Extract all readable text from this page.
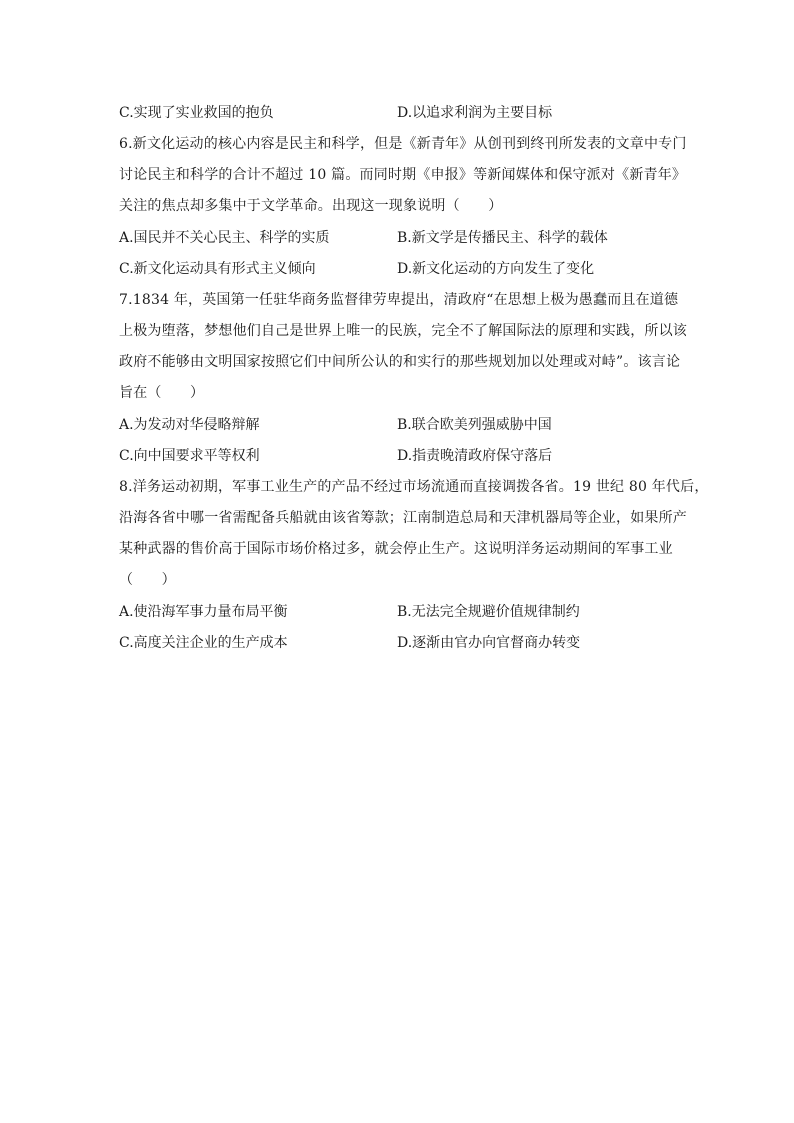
C.实现了实业救国的抱负	D.以追求利润为主要目标
6.新文化运动的核心内容是民主和科学，但是《新青年》从创刊到终刊所发表的文章中专门
讨论民主和科学的合计不超过 10 篇。而同时期《申报》等新闻媒体和保守派对《新青年》
关注的焦点却多集中于文学革命。出现这一现象说明（　　）
A.国民并不关心民主、科学的实质	B.新文学是传播民主、科学的载体
C.新文化运动具有形式主义倾向	D.新文化运动的方向发生了变化
7.1834 年，英国第一任驻华商务监督律劳卑提出，清政府“在思想上极为愚蠢而且在道德
上极为堕落，梦想他们自己是世界上唯一的民族，完全不了解国际法的原理和实践，所以该
政府不能够由文明国家按照它们中间所公认的和实行的那些规划加以处理或对峙”。该言论
旨在（　　）
A.为发动对华侵略辩解	B.联合欧美列强威胁中国
C.向中国要求平等权利	D.指责晚清政府保守落后
8.洋务运动初期，军事工业生产的产品不经过市场流通而直接调拨各省。19 世纪 80 年代后，
沿海各省中哪一省需配备兵船就由该省筹款；江南制造总局和天津机器局等企业，如果所产
某种武器的售价高于国际市场价格过多，就会停止生产。这说明洋务运动期间的军事工业
（　　）
A.使沿海军事力量布局平衡	B.无法完全规避价值规律制约
C.高度关注企业的生产成本	D.逐渐由官办向官督商办转变
